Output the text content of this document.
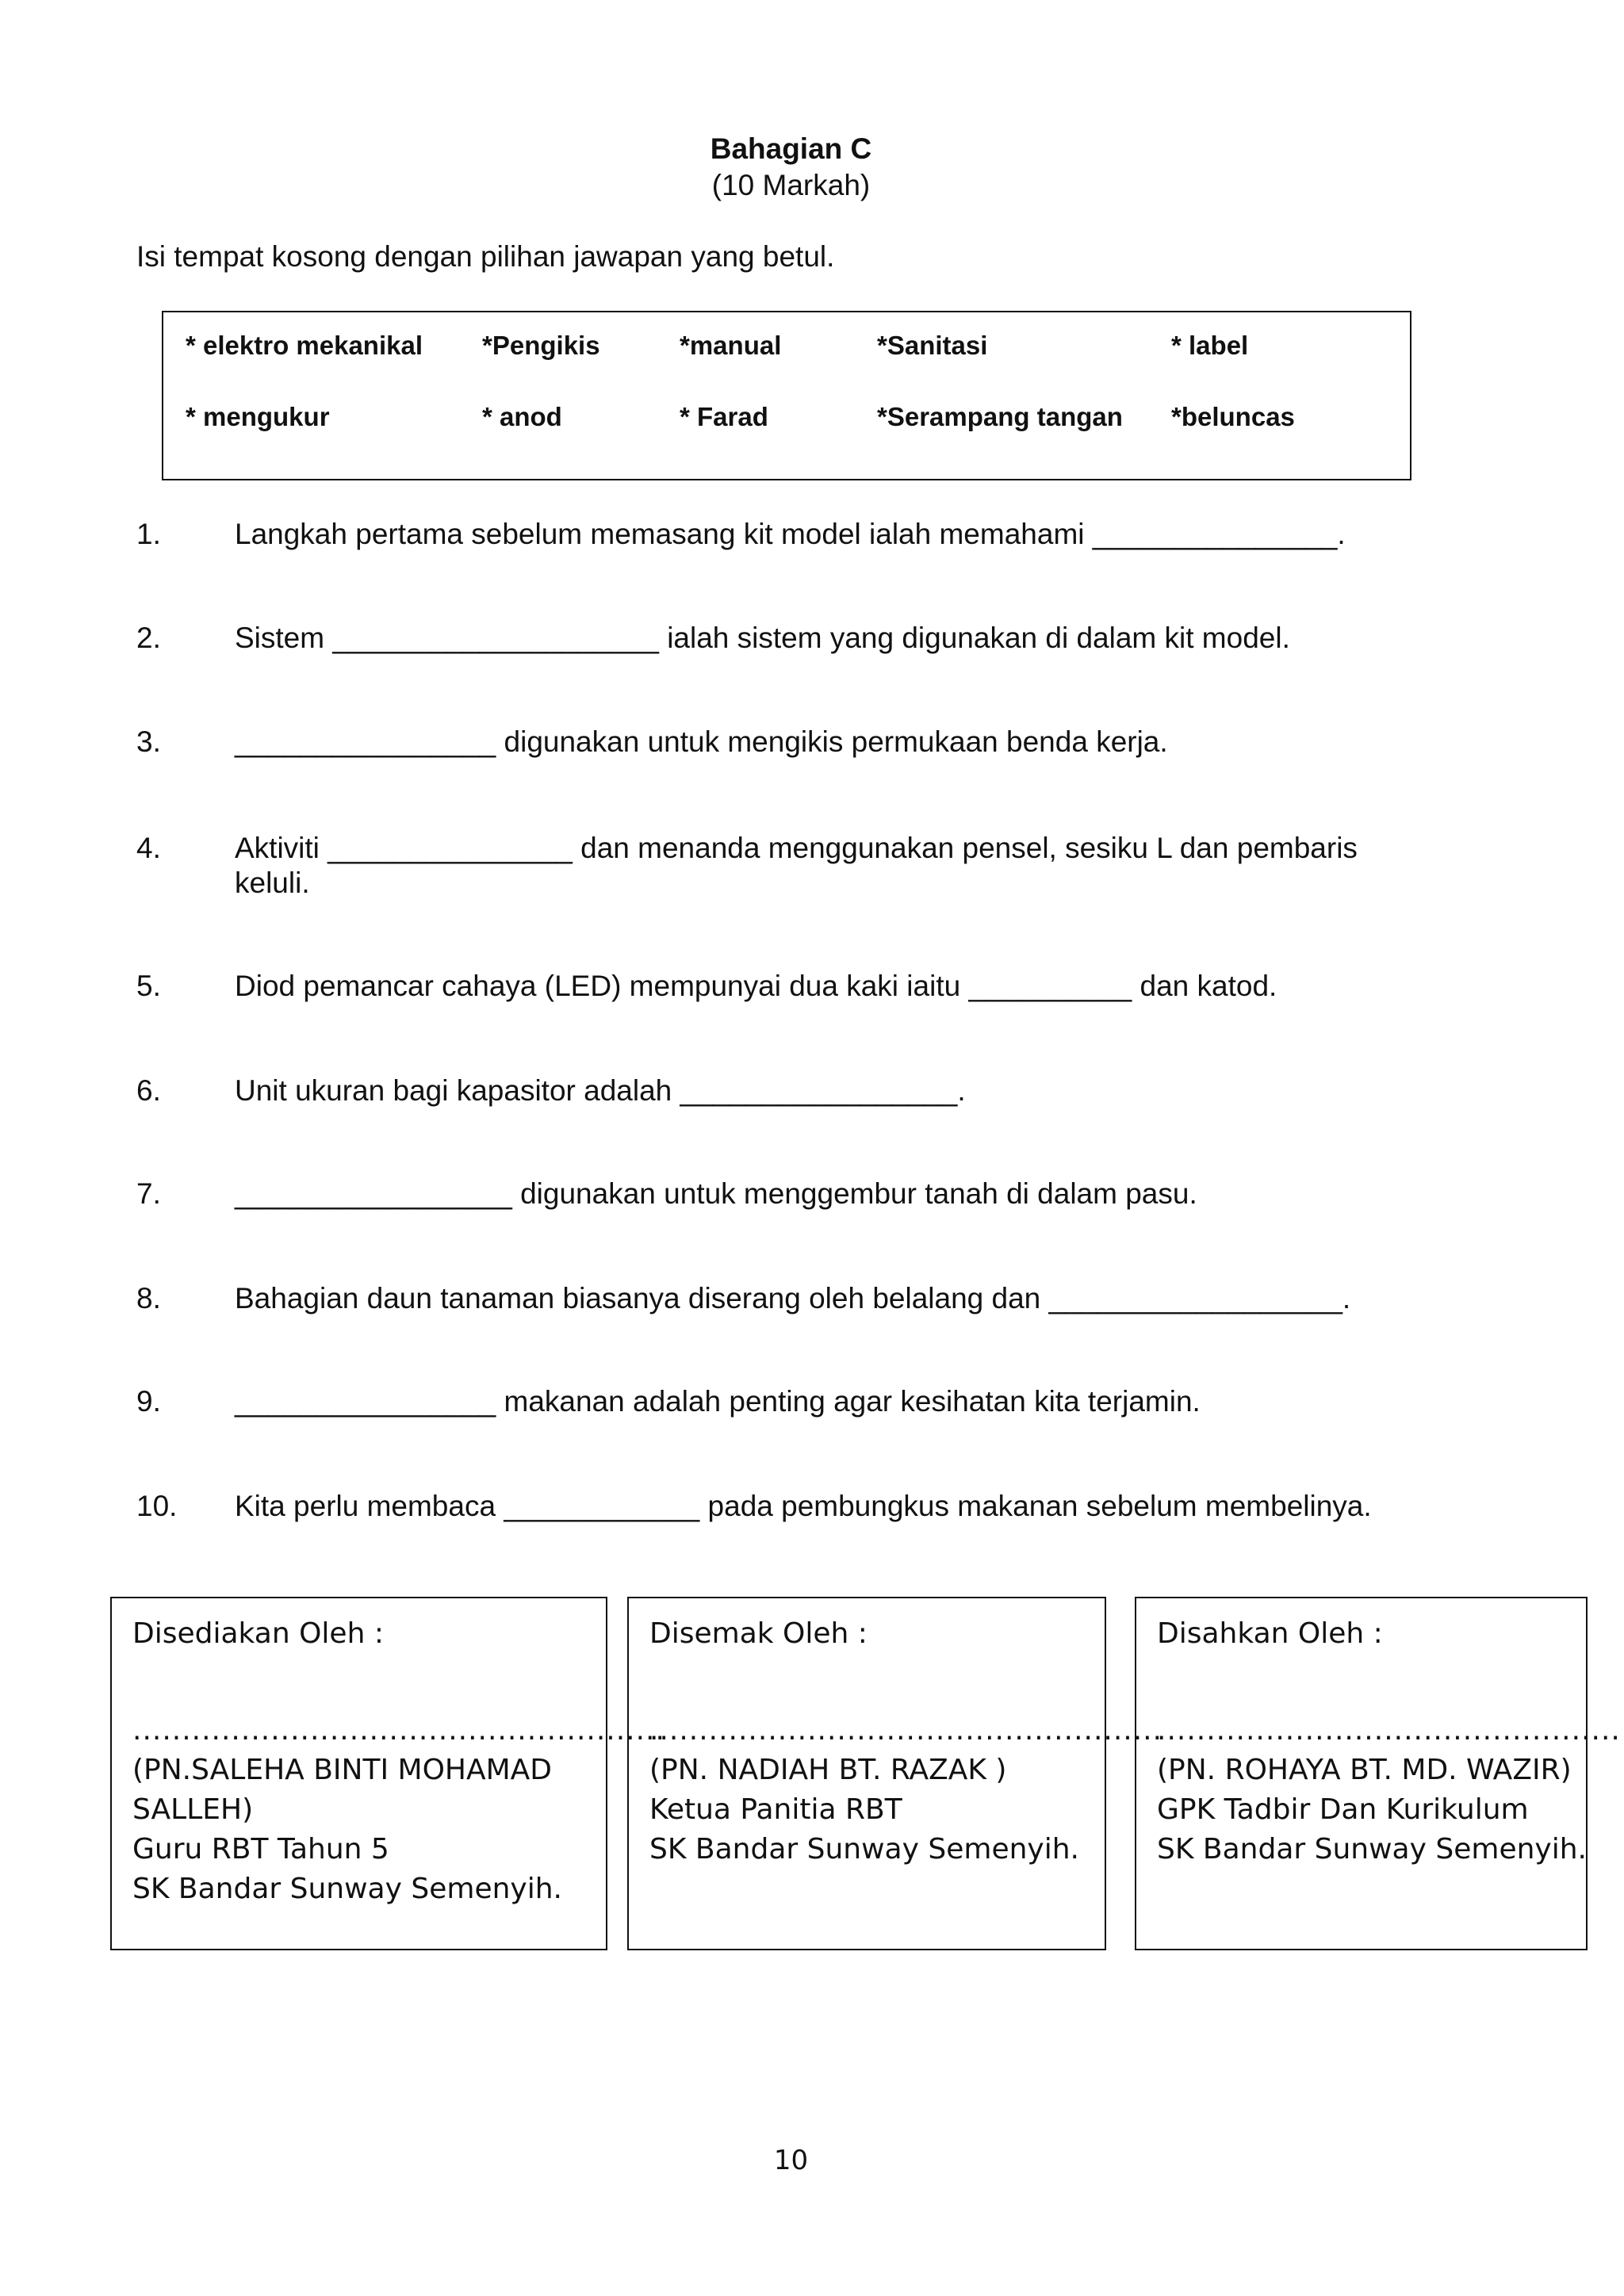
Bahagian C
(10 Markah)
Isi tempat kosong dengan pilihan jawapan yang betul.
* elektro mekanikal *Pengikis	*manual	*Sanitasi	* label
* mengukur	* anod	* Farad	*Serampang tangan *beluncas
1.	Langkah pertama sebelum memasang kit model ialah memahami _______________.
2.	Sistem ____________________ ialah sistem yang digunakan di dalam kit model.
3.	________________ digunakan untuk mengikis permukaan benda kerja.
4.	Aktiviti _______________ dan menanda menggunakan pensel, sesiku L dan pembaris keluli.
5.	Diod pemancar cahaya (LED) mempunyai dua kaki iaitu __________ dan katod.
6.	Unit ukuran bagi kapasitor adalah _________________.
7.	_________________ digunakan untuk menggembur tanah di dalam pasu.
8.	Bahagian daun tanaman biasanya diserang oleh belalang dan __________________.
9.	________________ makanan adalah penting agar kesihatan kita terjamin.
10. Kita perlu membaca ____________ pada pembungkus makanan sebelum membelinya.
Disediakan Oleh :
......................................................
(PN.SALEHA BINTI MOHAMAD
SALLEH)
Guru RBT Tahun 5
SK Bandar Sunway Semenyih.
Disemak Oleh :
....................................................
(PN. NADIAH BT. RAZAK )
Ketua Panitia RBT
SK Bandar Sunway Semenyih.
Disahkan Oleh :
...............................................
(PN. ROHAYA BT. MD. WAZIR)
GPK Tadbir Dan Kurikulum
SK Bandar Sunway Semenyih.
10
